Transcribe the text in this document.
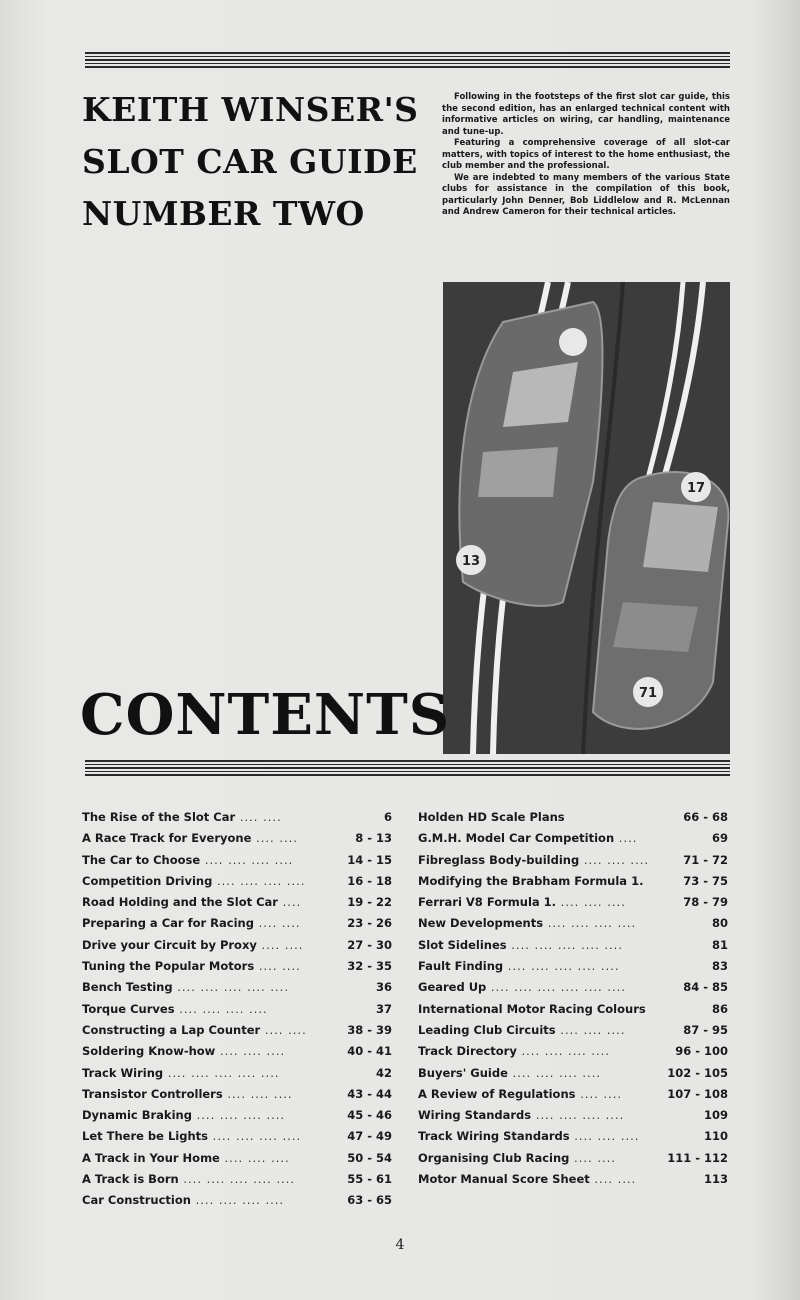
KEITH WINSER'S
SLOT CAR GUIDE
NUMBER TWO

Following in the footsteps of the first slot car guide, this the second edition, has an enlarged technical content with informative articles on wiring, car handling, maintenance and tune-up.

Featuring a comprehensive coverage of all slot-car matters, with topics of interest to the home enthusiast, the club member and the professional.

We are indebted to many members of the various State clubs for assistance in the compilation of this book, particularly John Denner, Bob Liddlelow and R. McLennan and Andrew Cameron for their technical articles.

13
17
71
CONTENTS
The Rise of the Slot Car .... ....	6
A Race Track for Everyone .... ....	8 - 13
The Car to Choose .... .... .... ....	14 - 15
Competition Driving .... .... .... ....	16 - 18
Road Holding and the Slot Car ....	19 - 22
Preparing a Car for Racing .... ....	23 - 26
Drive your Circuit by Proxy .... ....	27 - 30
Tuning the Popular Motors .... ....	32 - 35
Bench Testing .... .... .... .... ....	36
Torque Curves .... .... .... ....	37
Constructing a Lap Counter .... ....	38 - 39
Soldering Know-how .... .... ....	40 - 41
Track Wiring .... .... .... .... ....	42
Transistor Controllers .... .... ....	43 - 44
Dynamic Braking .... .... .... ....	45 - 46
Let There be Lights .... .... .... ....	47 - 49
A Track in Your Home .... .... ....	50 - 54
A Track is Born .... .... .... .... ....	55 - 61
Car Construction .... .... .... ....	63 - 65
Holden HD Scale Plans	66 - 68
G.M.H. Model Car Competition ....	69
Fibreglass Body-building .... .... ....	71 - 72
Modifying the Brabham Formula 1.	73 - 75
Ferrari V8 Formula 1. .... .... ....	78 - 79
New Developments .... .... .... ....	80
Slot Sidelines .... .... .... .... ....	81
Fault Finding .... .... .... .... ....	83
Geared Up .... .... .... .... .... ....	84 - 85
International Motor Racing Colours	86
Leading Club Circuits .... .... ....	87 - 95
Track Directory .... .... .... ....	96 - 100
Buyers' Guide .... .... .... ....	102 - 105
A Review of Regulations .... ....	107 - 108
Wiring Standards .... .... .... ....	109
Track Wiring Standards .... .... ....	110
Organising Club Racing .... ....	111 - 112
Motor Manual Score Sheet .... ....	113
4
